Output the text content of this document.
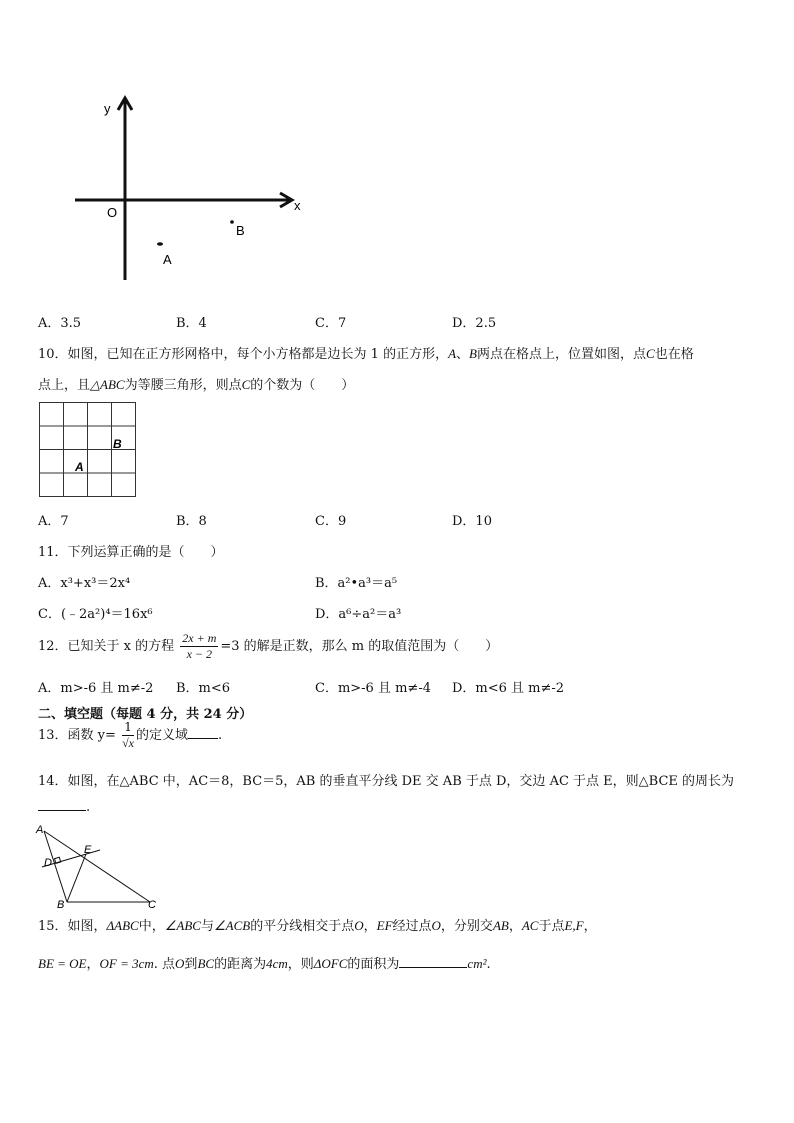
y
x
O
B
A
A．3.5	B．4	C．7	D．2.5
10．如图，已知在正方形网格中，每个小方格都是边长为 1 的正方形，A、B两点在格点上，位置如图，点C也在格
点上，且△ABC为等腰三角形，则点C的个数为（　　）
B
A
A．7	B．8	C．9	D．10
11．下列运算正确的是（　　）
A．x³+x³＝2x⁴	B．a²•a³＝a⁵
C．(﹣2a²)⁴＝16x⁶	D．a⁶÷a²＝a³
12．已知关于 x 的方程 $\frac{2x + m}{x - 2} =3$ 的解是正数，那么 m 的取值范围为（　　）
A．m>-6 且 m≠-2 B．m<6	C．m>-6 且 m≠-4 D．m<6 且 m≠-2
二、填空题（每题 4 分，共 24 分）
13．函数 $y= \frac{1}{√x}$ 的定义域 .
14．如图，在△ABC 中，AC＝8，BC＝5，AB 的垂直平分线 DE 交 AB 于点 D，交边 AC 于点 E，则△BCE 的周长为
.
A
E
D
B	C
15．如图，ΔABC中，∠ABC与∠ACB的平分线相交于点O，EF经过点O，分别交AB，AC于点E,F，
BE = OE，OF = 3cm. 点O到BC的距离为4cm，则ΔOFC的面积为	cm².
